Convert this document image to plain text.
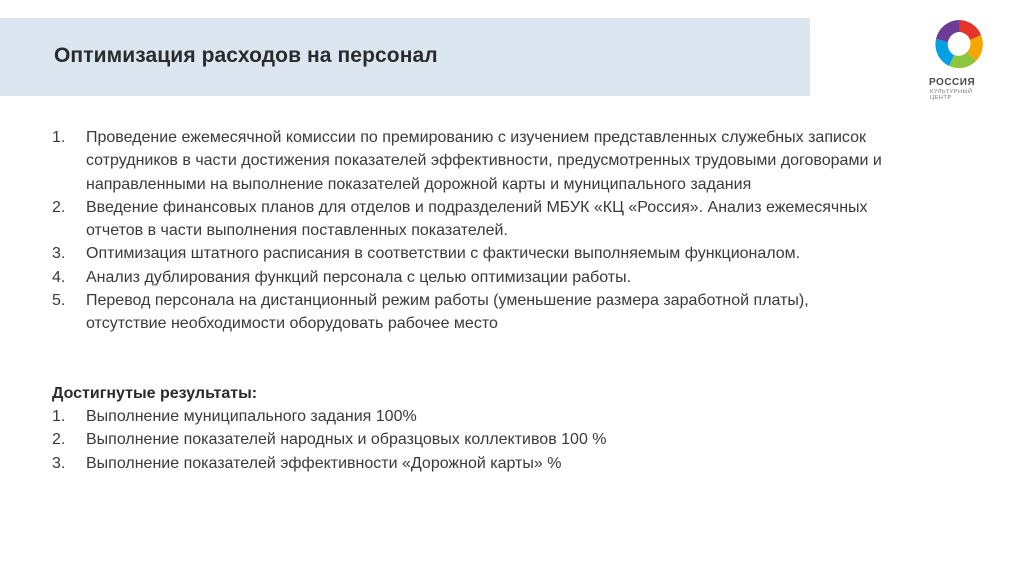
Оптимизация расходов на персонал
РОССИЯ
КУЛЬТУРНЫЙ ЦЕНТР
1. Проведение ежемесячной комиссии по премированию с изучением представленных служебных записок сотрудников в части достижения показателей эффективности, предусмотренных трудовыми договорами и направленными на выполнение показателей дорожной карты и муниципального задания
2. Введение финансовых планов для отделов и подразделений МБУК «КЦ «Россия». Анализ ежемесячных отчетов в части выполнения поставленных показателей.
3. Оптимизация штатного расписания в соответствии с фактически выполняемым функционалом.
4. Анализ дублирования функций персонала с целью оптимизации работы.
5. Перевод персонала на дистанционный режим работы (уменьшение размера заработной платы), отсутствие необходимости оборудовать рабочее место
Достигнутые результаты:
1. Выполнение муниципального задания 100%
2. Выполнение показателей народных и образцовых коллективов 100 %
3. Выполнение показателей эффективности «Дорожной карты» %
